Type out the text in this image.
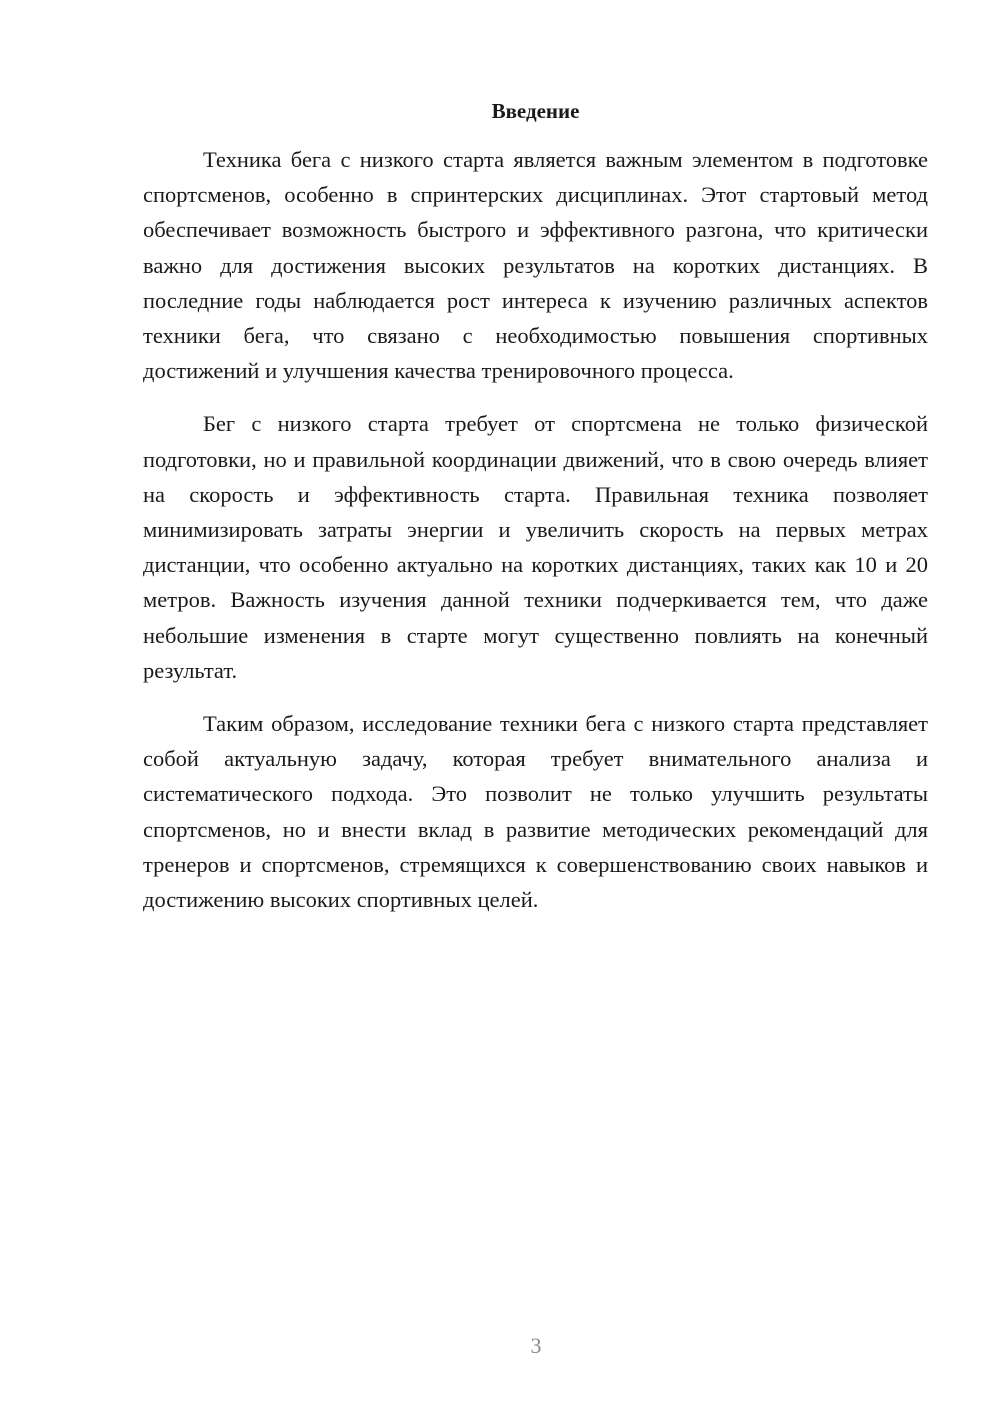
Введение

Техника бега с низкого старта является важным элементом в подготовке спортсменов, особенно в спринтерских дисциплинах. Этот стартовый метод обеспечивает возможность быстрого и эффективного разгона, что критически важно для достижения высоких результатов на коротких дистанциях. В последние годы наблюдается рост интереса к изучению различных аспектов техники бега, что связано с необходимостью повышения спортивных достижений и улучшения качества тренировочного процесса.

Бег с низкого старта требует от спортсмена не только физической подготовки, но и правильной координации движений, что в свою очередь влияет на скорость и эффективность старта. Правильная техника позволяет минимизировать затраты энергии и увеличить скорость на первых метрах дистанции, что особенно актуально на коротких дистанциях, таких как 10 и 20 метров. Важность изучения данной техники подчеркивается тем, что даже небольшие изменения в старте могут существенно повлиять на конечный результат.

Таким образом, исследование техники бега с низкого старта представляет собой актуальную задачу, которая требует внимательного анализа и систематического подхода. Это позволит не только улучшить результаты спортсменов, но и внести вклад в развитие методических рекомендаций для тренеров и спортсменов, стремящихся к совершенствованию своих навыков и достижению высоких спортивных целей.

3
